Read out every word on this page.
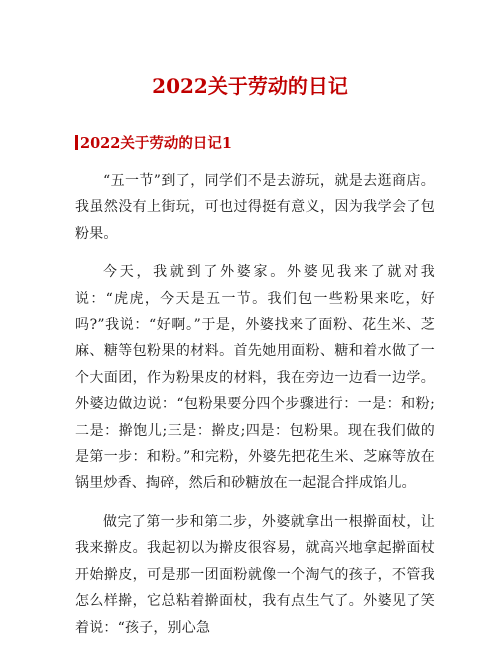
2022关于劳动的日记
2022关于劳动的日记1

“五一节”到了，同学们不是去游玩，就是去逛商店。我虽然没有上街玩，可也过得挺有意义，因为我学会了包粉果。

今天，我就到了外婆家。外婆见我来了就对我说：“虎虎，今天是五一节。我们包一些粉果来吃，好吗?”我说：“好啊。”于是，外婆找来了面粉、花生米、芝麻、糖等包粉果的材料。首先她用面粉、糖和着水做了一个大面团，作为粉果皮的材料，我在旁边一边看一边学。外婆边做边说：“包粉果要分四个步骤进行：一是：和粉;二是：擀饱儿;三是：擀皮;四是：包粉果。现在我们做的是第一步：和粉。”和完粉，外婆先把花生米、芝麻等放在锅里炒香、掏碎，然后和砂糖放在一起混合拌成馅儿。

做完了第一步和第二步，外婆就拿出一根擀面杖，让我来擀皮。我起初以为擀皮很容易，就高兴地拿起擀面杖开始擀皮，可是那一团面粉就像一个淘气的孩子，不管我怎么样擀，它总粘着擀面杖，我有点生气了。外婆见了笑着说：“孩子，别心急
